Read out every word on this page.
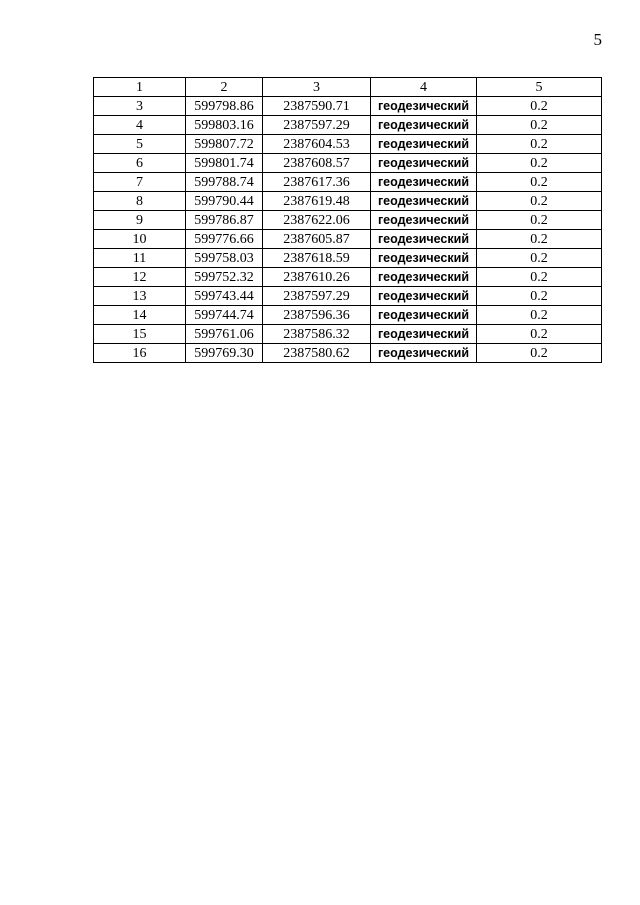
5
1	2	3	4	5
3	599798.86	2387590.71	геодезический	0.2
4	599803.16	2387597.29	геодезический	0.2
5	599807.72	2387604.53	геодезический	0.2
6	599801.74	2387608.57	геодезический	0.2
7	599788.74	2387617.36	геодезический	0.2
8	599790.44	2387619.48	геодезический	0.2
9	599786.87	2387622.06	геодезический	0.2
10	599776.66	2387605.87	геодезический	0.2
11	599758.03	2387618.59	геодезический	0.2
12	599752.32	2387610.26	геодезический	0.2
13	599743.44	2387597.29	геодезический	0.2
14	599744.74	2387596.36	геодезический	0.2
15	599761.06	2387586.32	геодезический	0.2
16	599769.30	2387580.62	геодезический	0.2
